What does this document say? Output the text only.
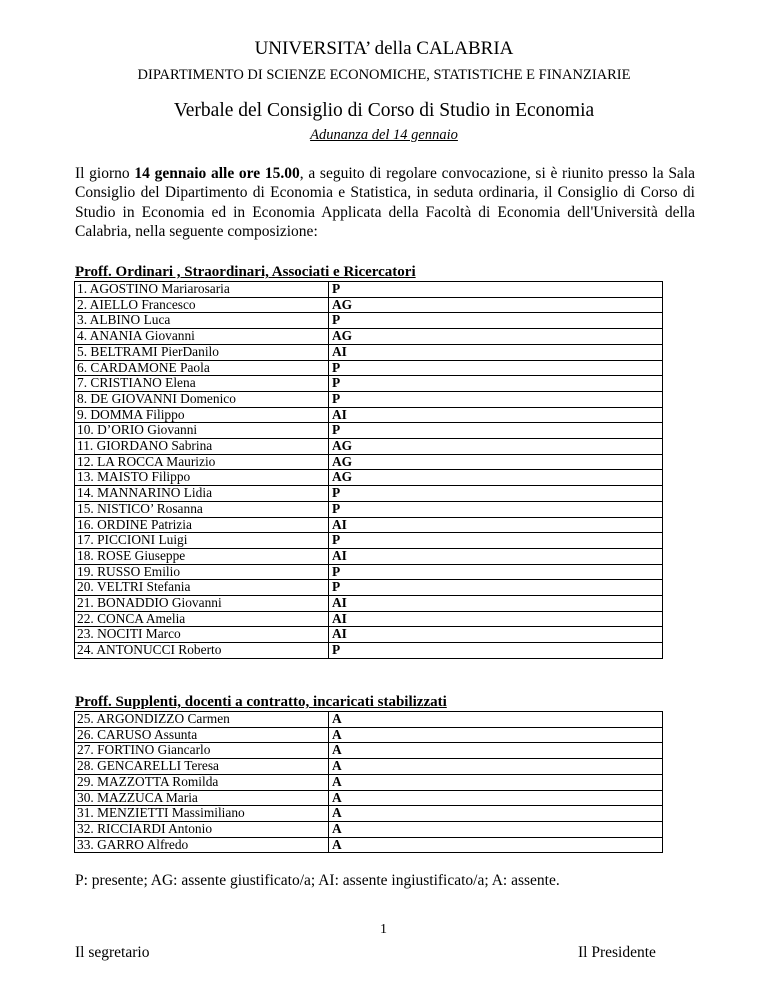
UNIVERSITA’ della CALABRIA
DIPARTIMENTO DI SCIENZE ECONOMICHE, STATISTICHE E FINANZIARIE
Verbale del Consiglio di Corso di Studio in Economia
Adunanza del 14 gennaio
Il giorno 14 gennaio alle ore 15.00, a seguito di regolare convocazione, si è riunito presso la Sala Consiglio del Dipartimento di Economia e Statistica, in seduta ordinaria, il Consiglio di Corso di Studio in Economia ed in Economia Applicata della Facoltà di Economia dell'Università della Calabria, nella seguente composizione:
Proff. Ordinari , Straordinari, Associati e Ricercatori
1. AGOSTINO Mariarosaria	P
2. AIELLO Francesco	AG
3. ALBINO Luca	P
4. ANANIA Giovanni	AG
5. BELTRAMI PierDanilo	AI
6. CARDAMONE Paola	P
7. CRISTIANO Elena	P
8. DE GIOVANNI Domenico	P
9. DOMMA Filippo	AI
10. D’ORIO Giovanni	P
11. GIORDANO Sabrina	AG
12. LA ROCCA Maurizio	AG
13. MAISTO Filippo	AG
14. MANNARINO Lidia	P
15. NISTICO’ Rosanna	P
16. ORDINE Patrizia	AI
17. PICCIONI Luigi	P
18. ROSE Giuseppe	AI
19. RUSSO Emilio	P
20. VELTRI Stefania	P
21. BONADDIO Giovanni	AI
22. CONCA Amelia	AI
23. NOCITI Marco	AI
24. ANTONUCCI Roberto	P
Proff. Supplenti, docenti a contratto, incaricati stabilizzati
25. ARGONDIZZO Carmen	A
26. CARUSO Assunta	A
27. FORTINO Giancarlo	A
28. GENCARELLI Teresa	A
29. MAZZOTTA Romilda	A
30. MAZZUCA Maria	A
31. MENZIETTI Massimiliano	A
32. RICCIARDI Antonio	A
33. GARRO Alfredo	A
P: presente; AG: assente giustificato/a; AI: assente ingiustificato/a; A: assente.
1
Il segretario	Il Presidente
